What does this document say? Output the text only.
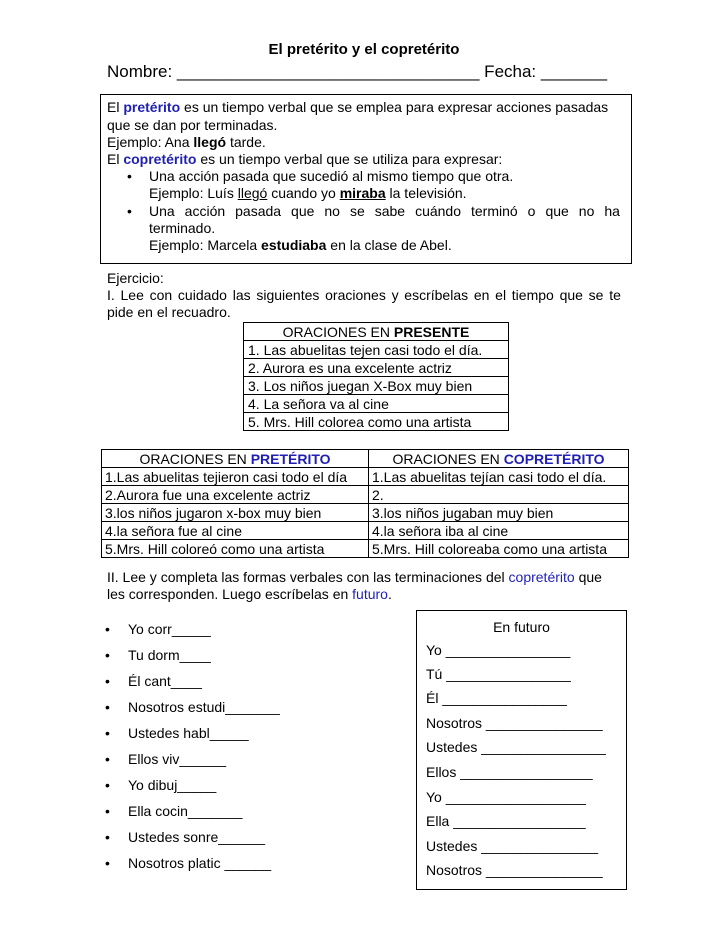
El pretérito y el copretérito
Nombre: ________________________________ Fecha: _______
El pretérito es un tiempo verbal que se emplea para expresar acciones pasadas
que se dan por terminadas.
Ejemplo: Ana llegó tarde.
El copretérito es un tiempo verbal que se utiliza para expresar:
• Una acción pasada que sucedió al mismo tiempo que otra.
Ejemplo: Luís llegó cuando yo miraba la televisión.
• Una acción pasada que no se sabe cuándo terminó o que no ha
terminado.
Ejemplo: Marcela estudiaba en la clase de Abel.
Ejercicio:
I. Lee con cuidado las siguientes oraciones y escríbelas en el tiempo que se te
pide en el recuadro.
ORACIONES EN PRESENTE
1. Las abuelitas tejen casi todo el día.
2. Aurora es una excelente actriz
3. Los niños juegan X-Box muy bien
4. La señora va al cine
5. Mrs. Hill colorea como una artista
ORACIONES EN PRETÉRITO	ORACIONES EN COPRETÉRITO
1.Las abuelitas tejieron casi todo el día	1.Las abuelitas tejían casi todo el día.
2.Aurora fue una excelente actriz	2.
3.los niños jugaron x-box muy bien	3.los niños jugaban muy bien
4.la señora fue al cine	4.la señora iba al cine
5.Mrs. Hill coloreó como una artista	5.Mrs. Hill coloreaba como una artista
II. Lee y completa las formas verbales con las terminaciones del copretérito que
les corresponden. Luego escríbelas en futuro.
• Yo corr_____
• Tu dorm____
• Él cant____
• Nosotros estudi_______
• Ustedes habl_____
• Ellos viv______
• Yo dibuj_____
• Ella cocin_______
• Ustedes sonre______
• Nosotros platic ______
En futuro
Yo ________________
Tú ________________
Él ________________
Nosotros _______________
Ustedes ________________
Ellos _________________
Yo __________________
Ella _________________
Ustedes _______________
Nosotros _______________
